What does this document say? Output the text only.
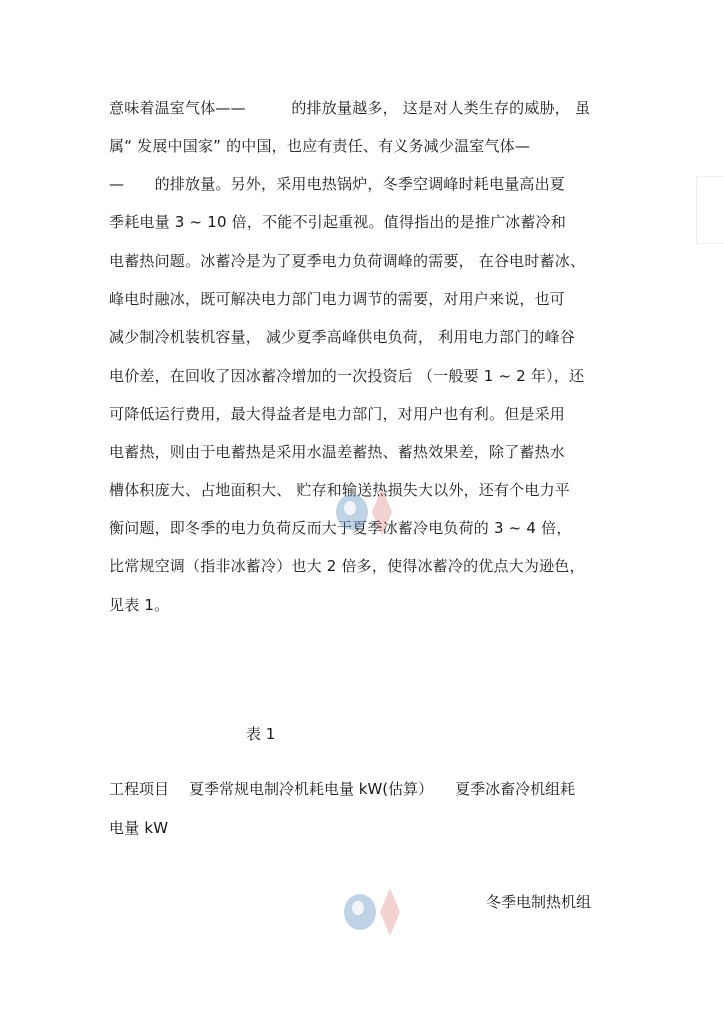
意味着温室气体——　　　的排放量越多， 这是对人类生存的威胁， 虽
属“ 发展中国家” 的中国，也应有责任、有义务减少温室气体—
—　　的排放量。另外，采用电热锅炉，冬季空调峰时耗电量高出夏
季耗电量 3 ~ 10 倍，不能不引起重视。值得指出的是推广冰蓄冷和
电蓄热问题。冰蓄冷是为了夏季电力负荷调峰的需要， 在谷电时蓄冰、
峰电时融冰，既可解决电力部门电力调节的需要，对用户来说，也可
减少制冷机装机容量， 减少夏季高峰供电负荷， 利用电力部门的峰谷
电价差，在回收了因冰蓄冷增加的一次投资后 （一般要 1 ~ 2 年），还
可降低运行费用，最大得益者是电力部门，对用户也有利。但是采用
电蓄热，则由于电蓄热是采用水温差蓄热、蓄热效果差，除了蓄热水
槽体积庞大、占地面积大、 贮存和输送热损失大以外，还有个电力平
衡问题，即冬季的电力负荷反而大于夏季冰蓄冷电负荷的 3 ~ 4 倍，
比常规空调（指非冰蓄冷）也大 2 倍多，使得冰蓄冷的优点大为逊色，
见表 1。
表 1
工程项目 夏季常规电制冷机耗电量 kW(估算） 夏季冰畜冷机组耗
电量 kW
冬季电制热机组
